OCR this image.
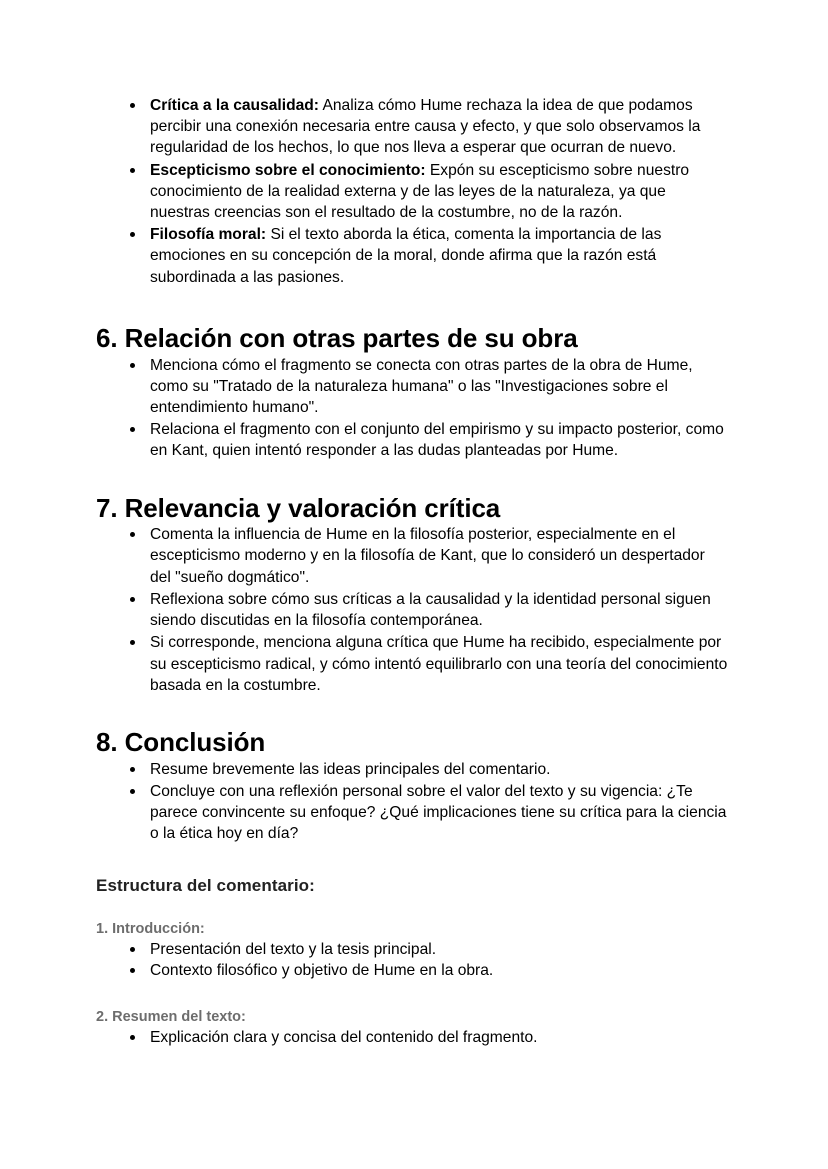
Crítica a la causalidad: Analiza cómo Hume rechaza la idea de que podamos percibir una conexión necesaria entre causa y efecto, y que solo observamos la regularidad de los hechos, lo que nos lleva a esperar que ocurran de nuevo.
Escepticismo sobre el conocimiento: Expón su escepticismo sobre nuestro conocimiento de la realidad externa y de las leyes de la naturaleza, ya que nuestras creencias son el resultado de la costumbre, no de la razón.
Filosofía moral: Si el texto aborda la ética, comenta la importancia de las emociones en su concepción de la moral, donde afirma que la razón está subordinada a las pasiones.
6. Relación con otras partes de su obra
Menciona cómo el fragmento se conecta con otras partes de la obra de Hume, como su "Tratado de la naturaleza humana" o las "Investigaciones sobre el entendimiento humano".
Relaciona el fragmento con el conjunto del empirismo y su impacto posterior, como en Kant, quien intentó responder a las dudas planteadas por Hume.
7. Relevancia y valoración crítica
Comenta la influencia de Hume en la filosofía posterior, especialmente en el escepticismo moderno y en la filosofía de Kant, que lo consideró un despertador del "sueño dogmático".
Reflexiona sobre cómo sus críticas a la causalidad y la identidad personal siguen siendo discutidas en la filosofía contemporánea.
Si corresponde, menciona alguna crítica que Hume ha recibido, especialmente por su escepticismo radical, y cómo intentó equilibrarlo con una teoría del conocimiento basada en la costumbre.
8. Conclusión
Resume brevemente las ideas principales del comentario.
Concluye con una reflexión personal sobre el valor del texto y su vigencia: ¿Te parece convincente su enfoque? ¿Qué implicaciones tiene su crítica para la ciencia o la ética hoy en día?
Estructura del comentario:

1. Introducción:

Presentación del texto y la tesis principal.
Contexto filosófico y objetivo de Hume en la obra.

2. Resumen del texto:

Explicación clara y concisa del contenido del fragmento.
